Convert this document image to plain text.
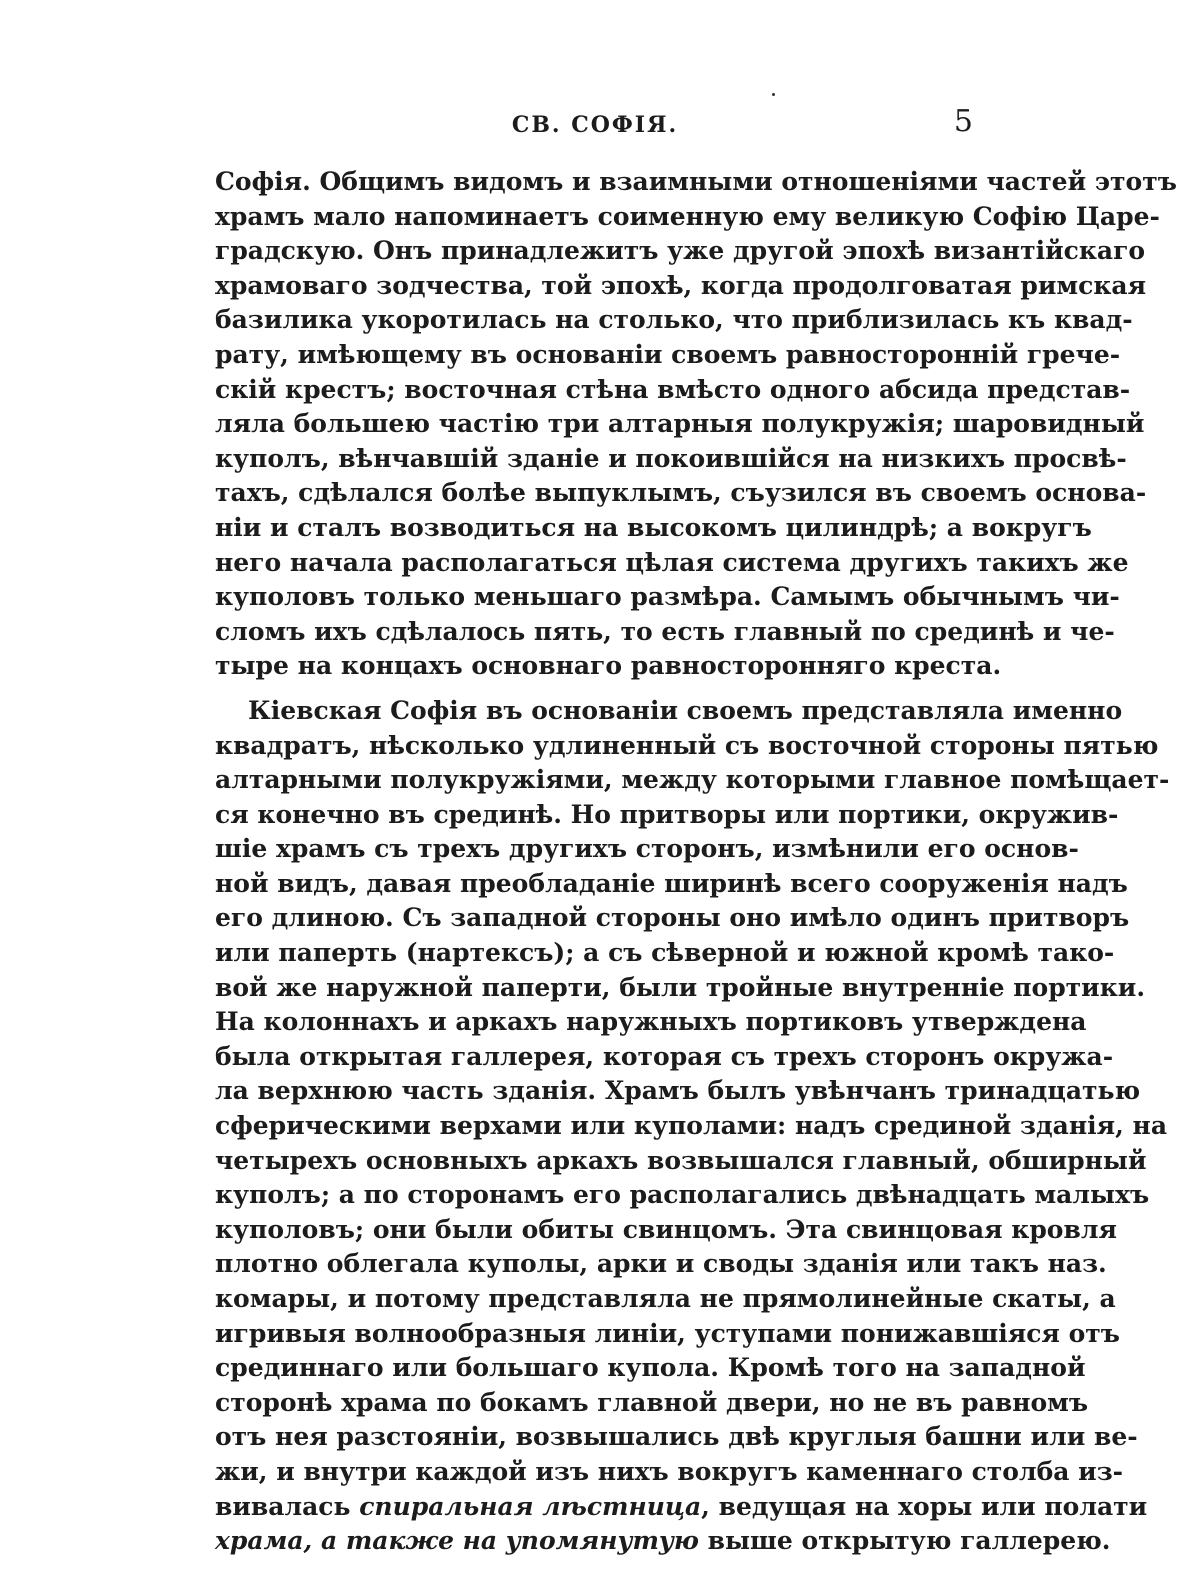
СВ. СОФІЯ.	5
Софія. Общимъ видомъ и взаимными отношеніями частей этотъ
храмъ мало напоминаетъ соименную ему великую Софію Царе-
градскую. Онъ принадлежитъ уже другой эпохѣ византійскаго
храмоваго зодчества, той эпохѣ, когда продолговатая римская
базилика укоротилась на столько, что приблизилась къ квад-
рату, имѣющему въ основаніи своемъ равносторонній грече-
скій крестъ; восточная стѣна вмѣсто одного абсида представ-
ляла большею частію три алтарныя полукружія; шаровидный
куполъ, вѣнчавшій зданіе и покоившійся на низкихъ просвѣ-
тахъ, сдѣлался болѣе выпуклымъ, съузился въ своемъ основа-
ніи и сталъ возводиться на высокомъ цилиндрѣ; а вокругъ
него начала располагаться цѣлая система другихъ такихъ же
куполовъ только меньшаго размѣра. Самымъ обычнымъ чи-
сломъ ихъ сдѣлалось пять, то есть главный по срединѣ и че-
тыре на концахъ основнаго равносторонняго креста.
Кіевская Софія въ основаніи своемъ представляла именно
квадратъ, нѣсколько удлиненный съ восточной стороны пятью
алтарными полукружіями, между которыми главное помѣщает-
ся конечно въ срединѣ. Но притворы или портики, окружив-
шіе храмъ съ трехъ другихъ сторонъ, измѣнили его основ-
ной видъ, давая преобладаніе ширинѣ всего сооруженія надъ
его длиною. Съ западной стороны оно имѣло одинъ притворъ
или паперть (нартексъ); а съ сѣверной и южной кромѣ тако-
вой же наружной паперти, были тройные внутренніе портики.
На колоннахъ и аркахъ наружныхъ портиковъ утверждена
была открытая галлерея, которая съ трехъ сторонъ окружа-
ла верхнюю часть зданія. Храмъ былъ увѣнчанъ тринадцатью
сферическими верхами или куполами: надъ срединой зданія, на
четырехъ основныхъ аркахъ возвышался главный, обширный
куполъ; а по сторонамъ его располагались двѣнадцать малыхъ
куполовъ; они были обиты свинцомъ. Эта свинцовая кровля
плотно облегала куполы, арки и своды зданія или такъ наз.
комары, и потому представляла не прямолинейные скаты, а
игривыя волнообразныя линіи, уступами понижавшіяся отъ
срединнаго или большаго купола. Кромѣ того на западной
сторонѣ храма по бокамъ главной двери, но не въ равномъ
отъ нея разстояніи, возвышались двѣ круглыя башни или ве-
жи, и внутри каждой изъ нихъ вокругъ каменнаго столба из-
вивалась спиральная лѣстница, ведущая на хоры или полати
храма, а также на упомянутую выше открытую галлерею.
